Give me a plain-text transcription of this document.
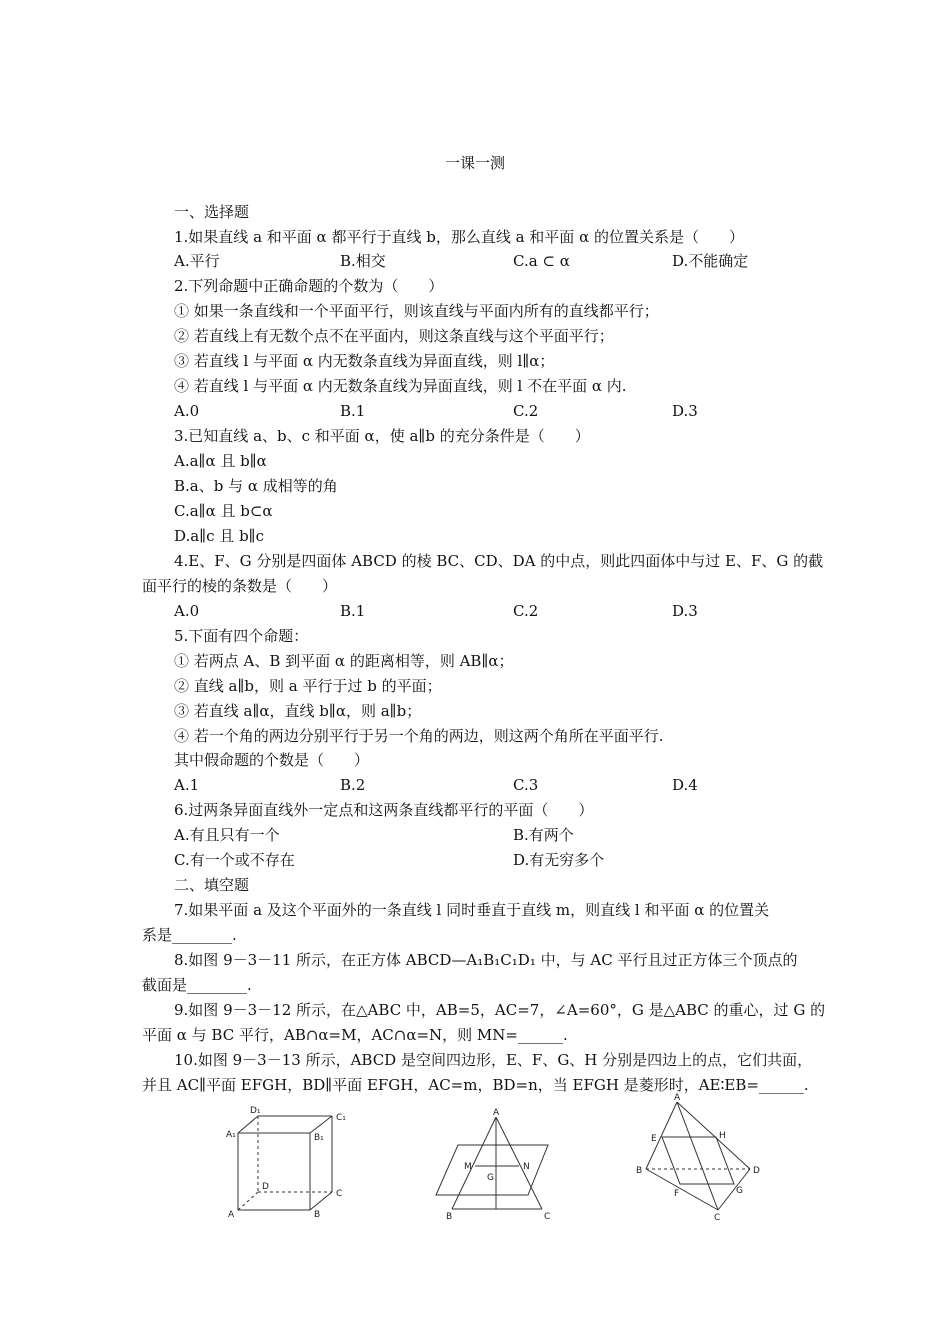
一课一测
一、选择题
1.如果直线 a 和平面 α 都平行于直线 b，那么直线 a 和平面 α 的位置关系是（　　）
A.平行	B.相交	C.a ⊂ α	D.不能确定
2.下列命题中正确命题的个数为（　　）
① 如果一条直线和一个平面平行，则该直线与平面内所有的直线都平行；
② 若直线上有无数个点不在平面内，则这条直线与这个平面平行；
③ 若直线 l 与平面 α 内无数条直线为异面直线，则 l∥α；
④ 若直线 l 与平面 α 内无数条直线为异面直线，则 l 不在平面 α 内.
A.0	B.1	C.2	D.3
3.已知直线 a、b、c 和平面 α，使 a∥b 的充分条件是（　　）
A.a∥α 且 b∥α
B.a、b 与 α 成相等的角
C.a∥α 且 b⊂α
D.a∥c 且 b∥c
4.E、F、G 分别是四面体 ABCD 的棱 BC、CD、DA 的中点，则此四面体中与过 E、F、G 的截
面平行的棱的条数是（　　）
A.0	B.1	C.2	D.3
5.下面有四个命题：
① 若两点 A、B 到平面 α 的距离相等，则 AB∥α；
② 直线 a∥b，则 a 平行于过 b 的平面；
③ 若直线 a∥α，直线 b∥α，则 a∥b；
④ 若一个角的两边分别平行于另一个角的两边，则这两个角所在平面平行.
其中假命题的个数是（　　）
A.1	B.2	C.3	D.4
6.过两条异面直线外一定点和这两条直线都平行的平面（　　）
A.有且只有一个	B.有两个
C.有一个或不存在	D.有无穷多个
二、填空题
7.如果平面 a 及这个平面外的一条直线 l 同时垂直于直线 m，则直线 l 和平面 α 的位置关
系是________.
8.如图 9－3－11 所示，在正方体 ABCD—A₁B₁C₁D₁ 中，与 AC 平行且过正方体三个顶点的
截面是________.
9.如图 9－3－12 所示，在△ABC 中，AB=5，AC=7，∠A=60°，G 是△ABC 的重心，过 G 的
平面 α 与 BC 平行，AB∩α=M，AC∩α=N，则 MN=______.
10.如图 9－3－13 所示，ABCD 是空间四边形，E、F、G、H 分别是四边上的点，它们共面，
并且 AC∥平面 EFGH，BD∥平面 EFGH，AC=m，BD=n，当 EFGH 是菱形时，AE∶EB=______.
D₁
C₁
A₁	B₁
D
C
A	B
A
M	N
G
B	C
A
E	H
B	D
F	G
C
